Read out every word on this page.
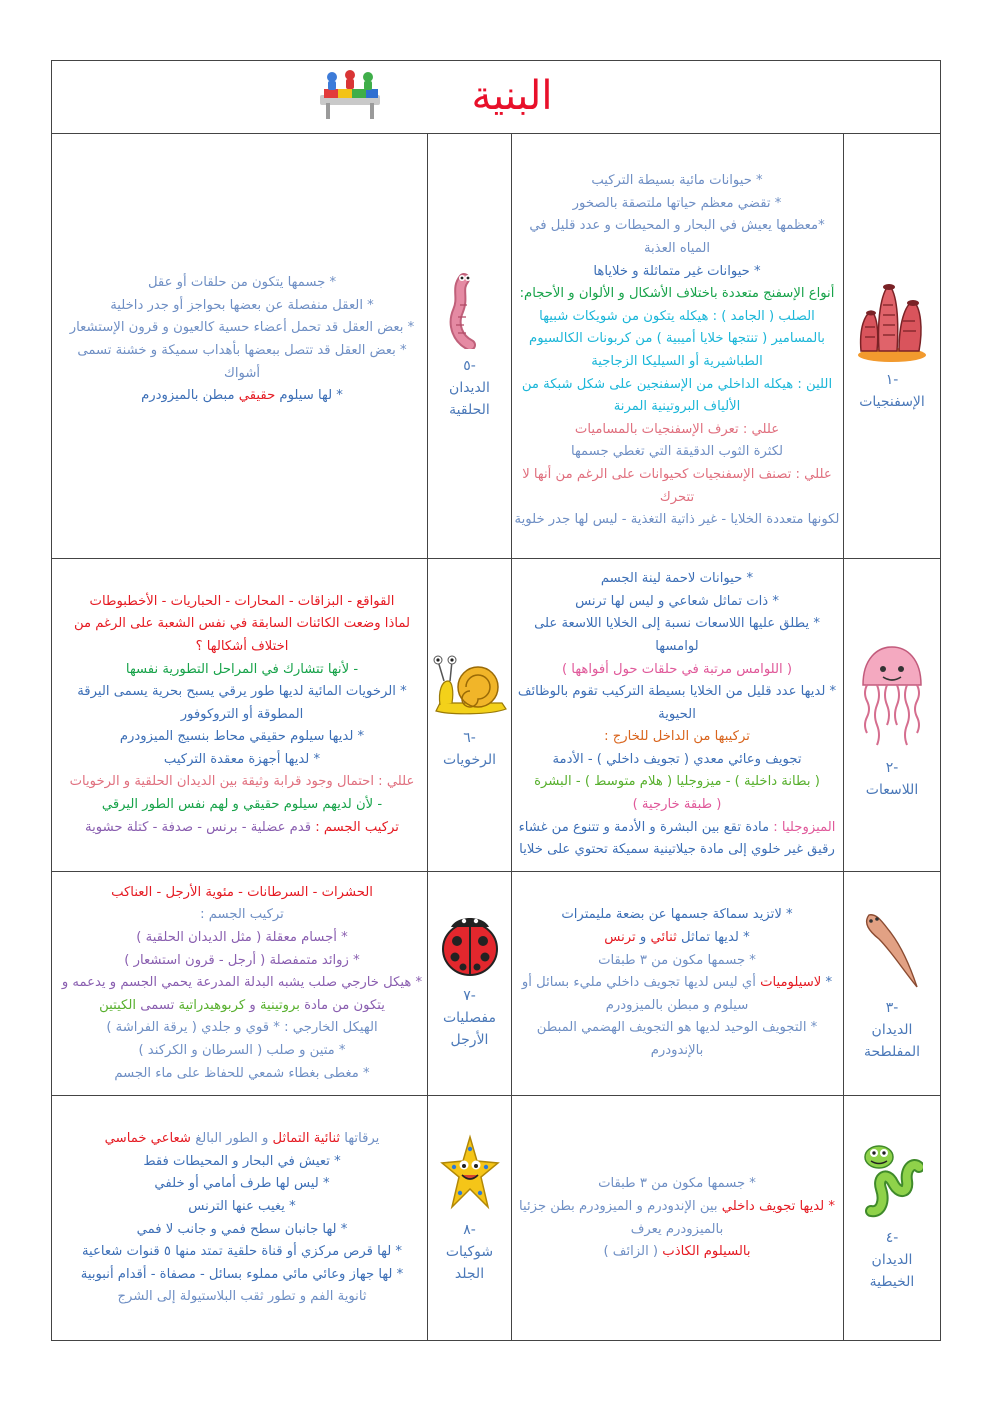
البنية
-١
الإسفنجيات

* حيوانات مائية بسيطة التركيب

* تقضي معظم حياتها ملتصقة بالصخور

*معظمها يعيش في البحار و المحيطات و عدد قليل في المياه العذبة

* حيوانات غير متماثلة و خلاياها

أنواع الإسفنج متعددة باختلاف الأشكال و الألوان و الأحجام:

الصلب ( الجامد ) : هيكله يتكون من شويكات شبيها بالمسامير ( تنتجها خلايا أميبية ) من كربونات الكالسيوم الطباشيرية أو السيليكا الزجاجية

اللين : هيكله الداخلي من الإسفنجين على شكل شبكة من الألياف البروتينية المرنة

عللي : تعرف الإسفنجيات بالمساميات

لكثرة الثوب الدقيقة التي تغطي جسمها

عللي : تصنف الإسفنجيات كحيوانات على الرغم من أنها لا تتحرك

لكونها متعددة الخلايا - غير ذاتية التغذية - ليس لها جدر خلوية

-٥
الديدان
الحلقية

* جسمها يتكون من حلقات أو عقل

* العقل منفصلة عن بعضها بحواجز أو جدر داخلية

* بعض العقل قد تحمل أعضاء حسية كالعيون و قرون الإستشعار

* بعض العقل قد تتصل ببعضها بأهداب سميكة و خشنة تسمى أشواك

* لها سيلوم حقيقي مبطن بالميزودرم

-٢
اللاسعات

* حيوانات لاحمة لينة الجسم

* ذات تماثل شعاعي و ليس لها ترنس

* يطلق عليها اللاسعات نسبة إلى الخلايا اللاسعة على لوامسها

( اللوامس مرتبة في حلقات حول أفواهها )

* لديها عدد قليل من الخلايا بسيطة التركيب تقوم بالوظائف الحيوية

تركيبها من الداخل للخارج :

تجويف وعائي معدي ( تجويف داخلي ) - الأدمة

( بطانة داخلية ) - ميزوجليا ( هلام متوسط ) - البشرة

( طبقة خارجية )

الميزوجليا : مادة تقع بين البشرة و الأدمة و تتنوع من غشاء رقيق غير خلوي إلى مادة جيلاتينية سميكة تحتوي على خلايا

-٦
الرخويات

القواقع - البزاقات - المحارات - الحباريات - الأخطبوطات

لماذا وضعت الكائنات السابقة في نفس الشعبة على الرغم من اختلاف أشكالها ؟

- لأنها تتشارك في المراحل التطورية نفسها

* الرخويات المائية لديها طور يرقي يسبح بحرية يسمى اليرقة المطوقة أو التروكوفور

* لديها سيلوم حقيقي محاط بنسيج الميزودرم

* لديها أجهزة معقدة التركيب

عللي : احتمال وجود قرابة وثيقة بين الديدان الحلقية و الرخويات

- لأن لديهم سيلوم حقيقي و لهم نفس الطور اليرقي

تركيب الجسم : قدم عضلية - برنس - صدفة - كتلة حشوية

-٣
الديدان
المفلطحة

* لاتزيد سماكة جسمها عن بضعة مليمترات

* لديها تماثل ثنائي و ترنس

* جسمها مكون من ٣ طبقات

* لاسيلوميات أي ليس لديها تجويف داخلي مليء بسائل أو سيلوم و مبطن بالميزودرم

* التجويف الوحيد لديها هو التجويف الهضمي المبطن بالإندودرم

-٧
مفصليات
الأرجل

الحشرات - السرطانات - مئوية الأرجل - العناكب

تركيب الجسم :

* أجسام معقلة ( مثل الديدان الحلقية )

* زوائد متمفصلة ( أرجل - قرون استشعار )

* هيكل خارجي صلب يشبه البدلة المدرعة يحمي الجسم و يدعمه و يتكون من مادة بروتينية و كربوهيدراتية تسمى الكيتين

الهيكل الخارجي : * قوي و جلدي ( يرقة الفراشة )

* متين و صلب ( السرطان و الكركند )

* مغطى بغطاء شمعي للحفاظ على ماء الجسم

-٤
الديدان
الخيطية

* جسمها مكون من ٣ طبقات

* لديها تجويف داخلي بين الإندودرم و الميزودرم بطن جزئيا بالميزودرم يعرف

بالسيلوم الكاذب ( الزائف )

-٨
شوكيات
الجلد

يرقاتها ثنائية التماثل و الطور البالغ شعاعي خماسي

* تعيش في البحار و المحيطات فقط

* ليس لها طرف أمامي أو خلفي

* يغيب عنها الترنس

* لها جانبان سطح فمي و جانب لا فمي

* لها قرص مركزي أو قناة حلقية تمتد منها ٥ قنوات شعاعية

* لها جهاز وعائي مائي مملوء بسائل - مصفاة - أقدام أنبوبية

ثانوية الفم و تطور ثقب البلاستيولة إلى الشرج
